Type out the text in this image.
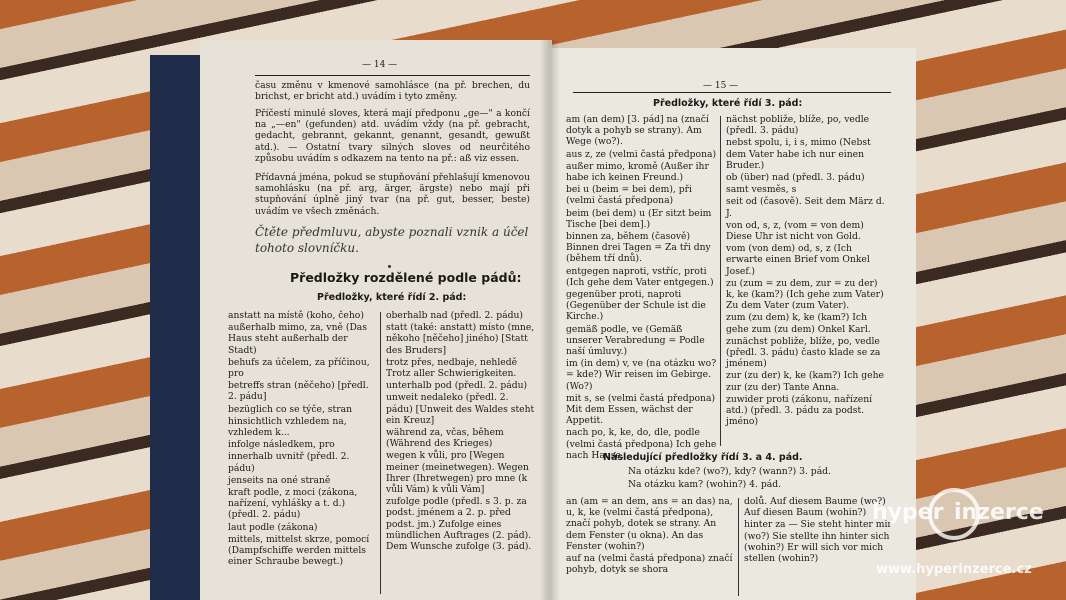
— 14 —
času změnu v kmenové samohlásce (na př. brechen, du brichst, er bricht atd.) uvádím i tyto změny.
Příčestí minulé sloves, která mají předponu „ge—" a končí na „—en" (gefunden) atd. uvádím vždy (na př. gebracht, gedacht, gebrannt, gekannt, genannt, gesandt, gewußt atd.). — Ostatní tvary silných sloves od neurčitého způsobu uvádím s odkazem na tento na př.: aß viz essen.
Přídavná jména, pokud se stupňování přehlašují kmenovou samohlásku (na př. arg, ärger, ärgste) nebo mají při stupňování úplně jiný tvar (na př. gut, besser, beste) uvádím ve všech změnách.
Čtěte předmluvu, abyste poznali vznik a účel tohoto slovníčku.
Předložky rozdělené podle pádů:
Předložky, které řídí 2. pád:
anstatt na místě (koho, čeho)
außerhalb mimo, za, vně (Das Haus steht außerhalb der Stadt)
behufs za účelem, za příčinou, pro
betreffs stran (něčeho) [předl. 2. pádu]
bezüglich co se týče, stran
hinsichtlich vzhledem na, vzhledem k...
infolge následkem, pro
innerhalb uvnitř (předl. 2. pádu)
jenseits na oné straně
kraft podle, z moci (zákona, nařízení, vyhlášky a t. d.) (předl. 2. pádu)
laut podle (zákona)
mittels, mittelst skrze, pomocí (Dampfschiffe werden mittels einer Schraube bewegt.)
oberhalb nad (předl. 2. pádu)
statt (také: anstatt) místo (mne, někoho [něčeho] jiného) [Statt des Bruders]
trotz přes, nedbaje, nehledě Trotz aller Schwierigkeiten.
unterhalb pod (předl. 2. pádu)
unweit nedaleko (předl. 2. pádu) [Unweit des Waldes steht ein Kreuz]
während za, včas, během (Während des Krieges)
wegen k vůli, pro [Wegen meiner (meinetwegen). Wegen Ihrer (Ihretwegen) pro mne (k vůli Vám) k vůli Vám]
zufolge podle (předl. s 3. p. za podst. jménem a 2. p. před podst. jm.) Zufolge eines mündlichen Auftrages (2. pád). Dem Wunsche zufolge (3. pád).
— 15 —
Předložky, které řídí 3. pád:
am (an dem) [3. pád] na (značí dotyk a pohyb se strany). Am Wege (wo?).
aus z, ze (velmi častá předpona)
außer mimo, kromě (Außer ihr habe ich keinen Freund.)
bei u (beim = bei dem), při (velmi častá předpona)
beim (bei dem) u (Er sitzt beim Tische [bei dem].)
binnen za, během (časově) Binnen drei Tagen = Za tři dny (během tří dnů).
entgegen naproti, vstříc, proti (Ich gehe dem Vater entgegen.)
gegenüber proti, naproti (Gegenüber der Schule ist die Kirche.)
gemäß podle, ve (Gemäß unserer Verabredung = Podle naší úmluvy.)
im (in dem) v, ve (na otázku wo? = kde?) Wir reisen im Gebirge. (Wo?)
mit s, se (velmi častá předpona) Mit dem Essen, wächst der Appetit.
nach po, k, ke, do, dle, podle (velmi častá předpona) Ich gehe nach Hause.
nächst pobliže, blíže, po, vedle (předl. 3. pádu)
nebst spolu, i, i s, mimo (Nebst dem Vater habe ich nur einen Bruder.)
ob (über) nad (předl. 3. pádu)
samt vesměs, s
seit od (časově). Seit dem März d. J.
von od, s, z, (vom = von dem) Diese Uhr ist nicht von Gold.
vom (von dem) od, s, z (Ich erwarte einen Brief vom Onkel Josef.)
zu (zum = zu dem, zur = zu der) k, ke (kam?) (Ich gehe zum Vater) Zu dem Vater (zum Vater).
zum (zu dem) k, ke (kam?) Ich gehe zum (zu dem) Onkel Karl.
zunächst pobliže, blíže, po, vedle (předl. 3. pádu) často klade se za jménem)
zur (zu der) k, ke (kam?) Ich gehe zur (zu der) Tante Anna.
zuwider proti (zákonu, nařízení atd.) (předl. 3. pádu za podst. jméno)
Následující předložky řídí 3. a 4. pád.
Na otázku kde? (wo?), kdy? (wann?) 3. pád.
Na otázku kam? (wohin?) 4. pád.
an (am = an dem, ans = an das) na, u, k, ke (velmi častá předpona), značí pohyb, dotek se strany. An dem Fenster (u okna). An das Fenster (wohin?)
auf na (velmi častá předpona) značí pohyb, dotyk se shora
dolů. Auf diesem Baume (wo?) Auf diesen Baum (wohin?)
hinter za — Sie steht hinter mir (wo?) Sie stellte ihn hinter sich (wohin?) Er will sich vor mich stellen (wohin?)
hyper inzerce
www.hyperinzerce.cz
